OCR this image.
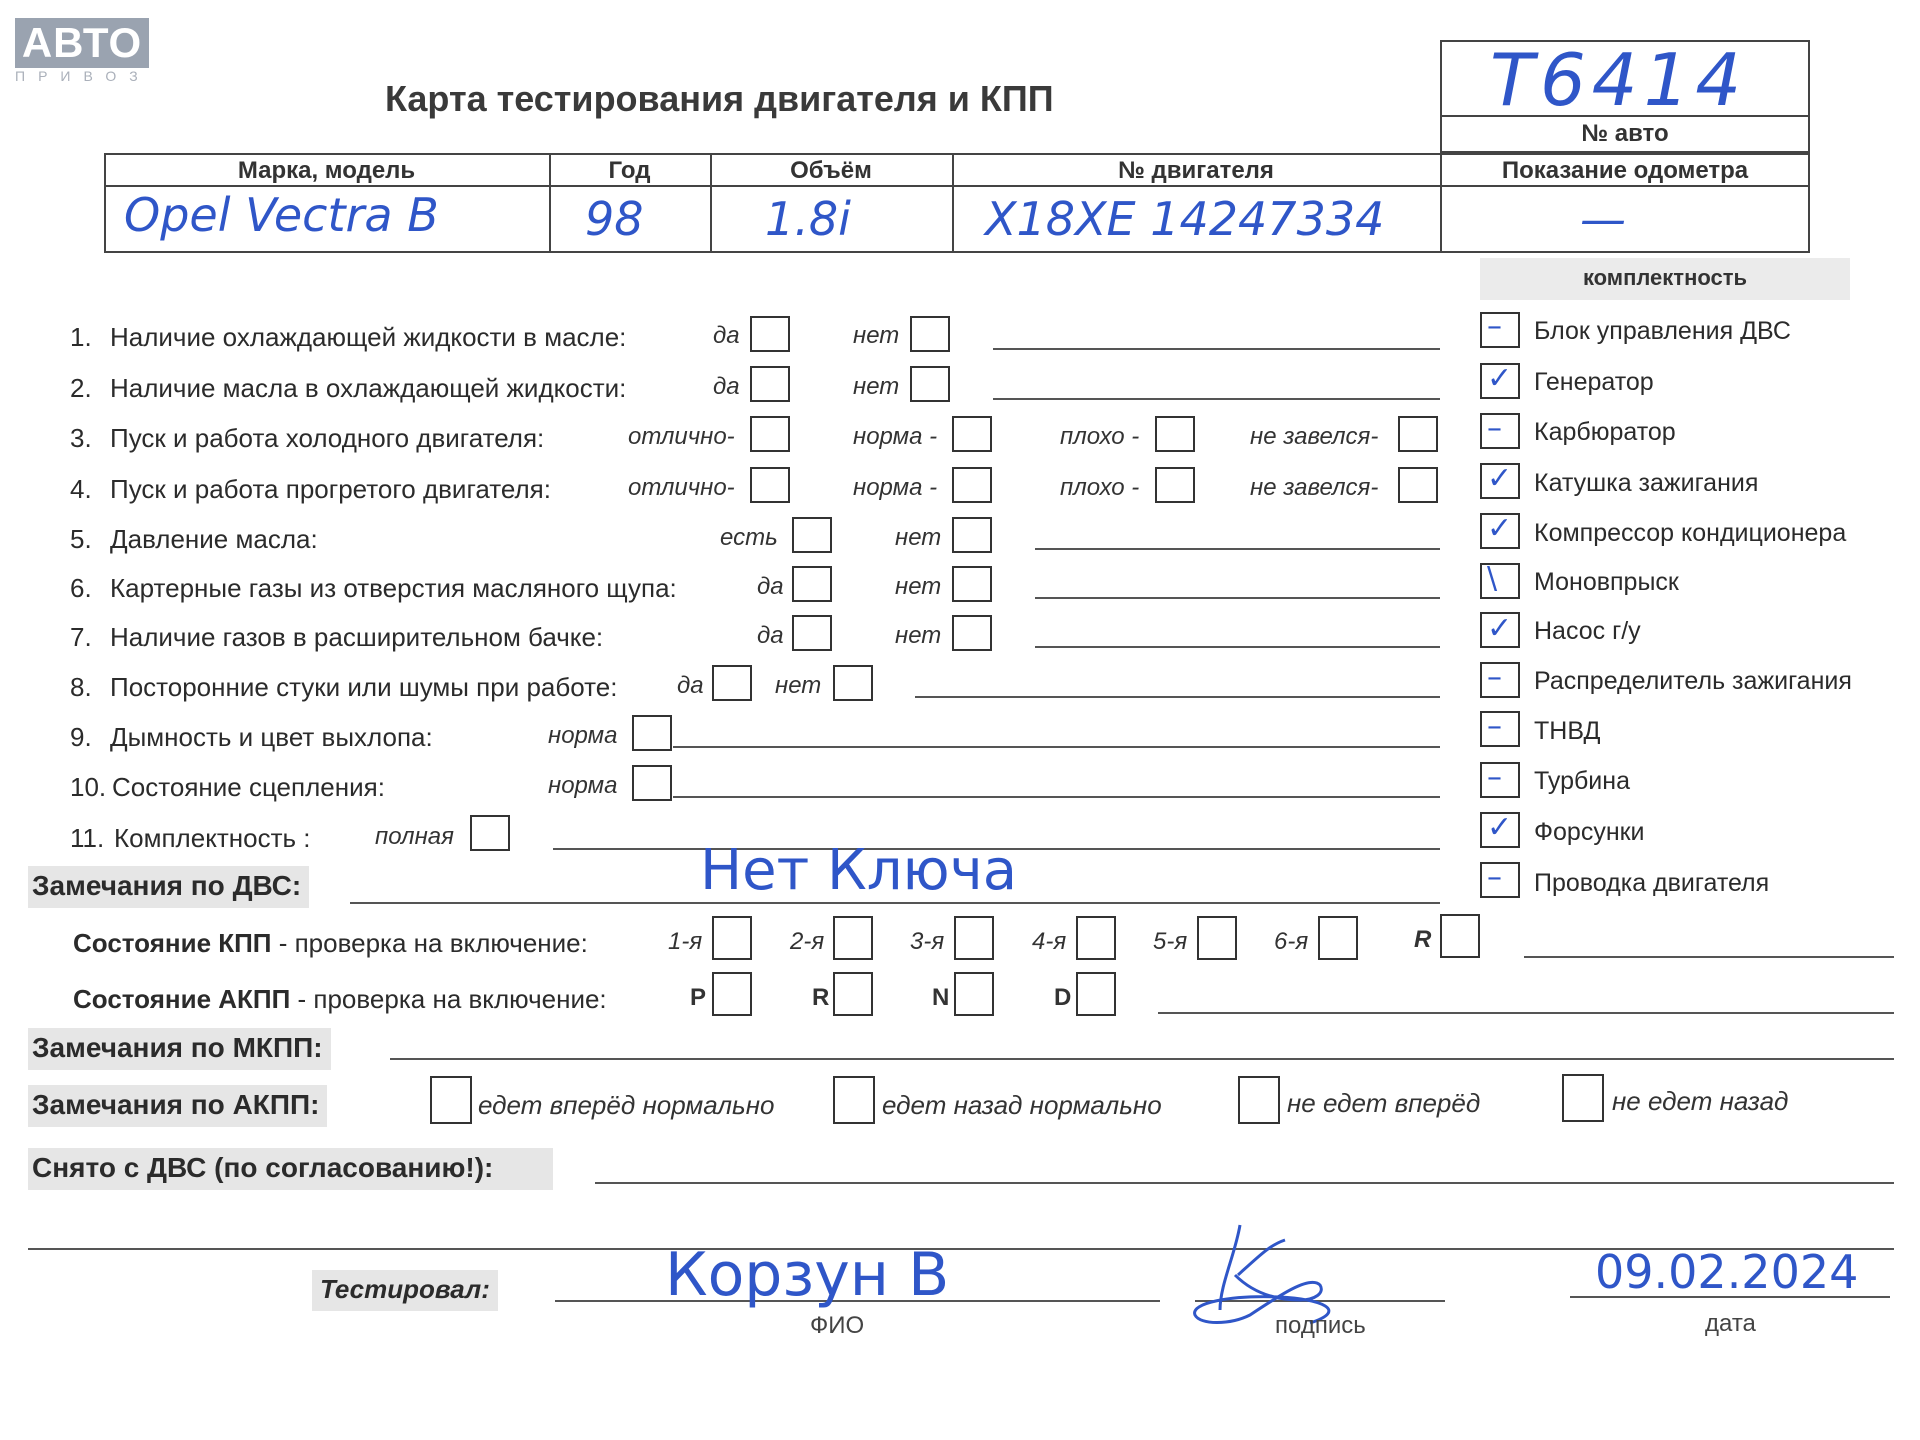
АВТО
ПРИВОЗ
Карта тестирования двигателя и КПП	T6414
№ авто
Марка, модель	Год	Объём	№ двигателя	Показание одометра
Opel Vectra B	98	1.8i	X18XE 14247334	—
комплектность
1. Наличие охлаждающей жидкости в масле:	да	нет
2. Наличие масла в охлаждающей жидкости:	да	нет
3. Пуск и работа холодного двигателя:	отлично-	норма -	плохо -	не завелся-
4. Пуск и работа прогретого двигателя:	отлично-	норма -	плохо -	не завелся-
5. Давление масла:	есть	нет
6. Картерные газы из отверстия масляного щупа:	да	нет
7. Наличие газов в расширительном бачке:	да	нет
8. Посторонние стуки или шумы при работе: да	нет
9. Дымность и цвет выхлопа:	норма
10. Состояние сцепления:	норма
11. Комплектность :	полная
– Блок управления ДВС
✓ Генератор
– Карбюратор
✓ Катушка зажигания
✓ Компрессор кондиционера
\ Моновпрыск
✓ Насос г/у
– Распределитель зажигания
– ТНВД
– Турбина
✓ Форсунки
– Проводка двигателя
Замечания по ДВС:	Нет Ключа
Состояние КПП - проверка на включение:	1-я	2-я	3-я	4-я	5-я	6-я	R
Состояние АКПП - проверка на включение:	P	R	N	D
Замечания по МКПП:
Замечания по АКПП:	едет вперёд нормально	едет назад нормально	не едет вперёд	не едет назад
Снято с ДВС (по согласованию!):
Тестировал:	Корзун В
ФИО	подпись
09.02.2024
дата
